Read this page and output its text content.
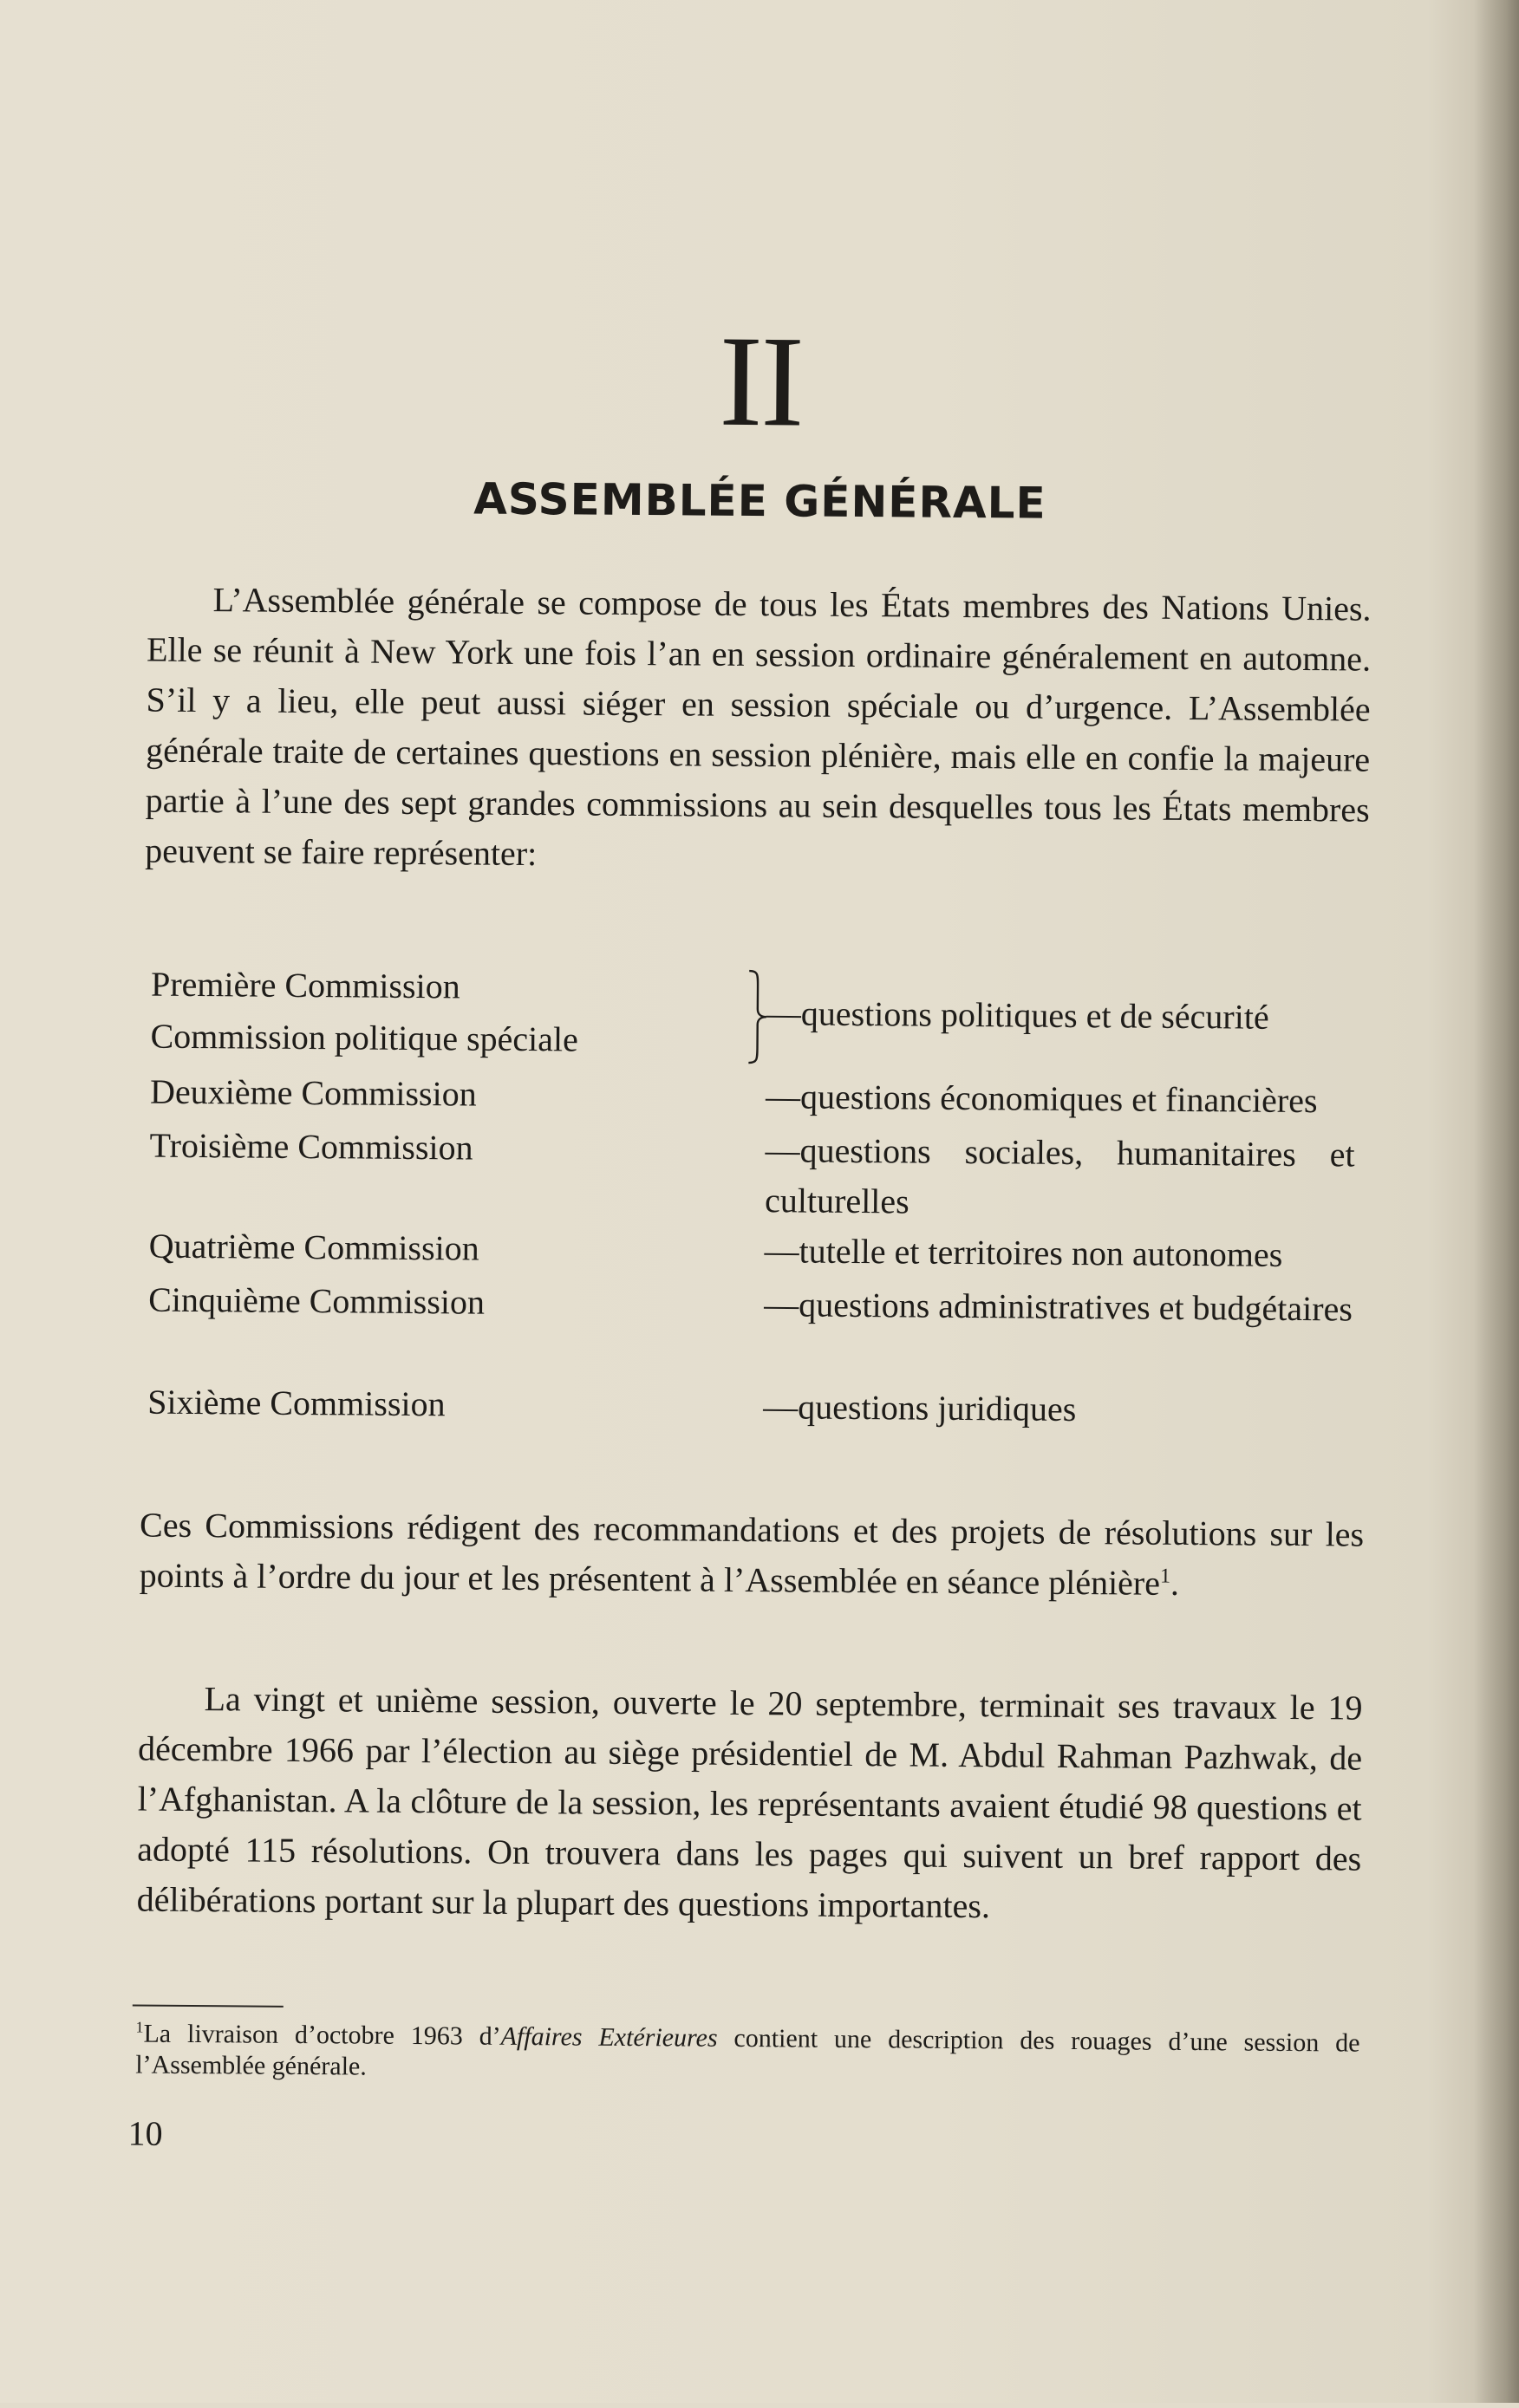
II
ASSEMBLÉE GÉNÉRALE

L’Assemblée générale se compose de tous les États membres des Nations Unies. Elle se réunit à New York une fois l’an en session ordinaire généralement en automne. S’il y a lieu, elle peut aussi siéger en session spéciale ou d’urgence. L’Assemblée générale traite de certaines questions en session plénière, mais elle en confie la majeure partie à l’une des sept grandes commissions au sein desquelles tous les États membres peuvent se faire représenter:

Première Commission
Commission politique spéciale
Deuxième Commission
Troisième Commission
Quatrième Commission
Cinquième Commission
Sixième Commission
—questions politiques et de sécurité
—questions économiques et financières
—questions sociales, humanitaires et culturelles
—tutelle et territoires non autonomes
—questions administratives et budgétaires
—questions juridiques

Ces Commissions rédigent des recommandations et des projets de résolutions sur les points à l’ordre du jour et les présentent à l’Assemblée en séance plénière$^1$.

La vingt et unième session, ouverte le 20 septembre, terminait ses travaux le 19 décembre 1966 par l’élection au siège présidentiel de M. Abdul Rahman Pazhwak, de l’Afghanistan. A la clôture de la session, les représentants avaient étudié 98 questions et adopté 115 résolutions. On trouvera dans les pages qui suivent un bref rapport des délibérations portant sur la plupart des questions importantes.

$^1$La livraison d’octobre 1963 d’Affaires Extérieures contient une description des rouages d’une session de l’Assemblée générale.
10
